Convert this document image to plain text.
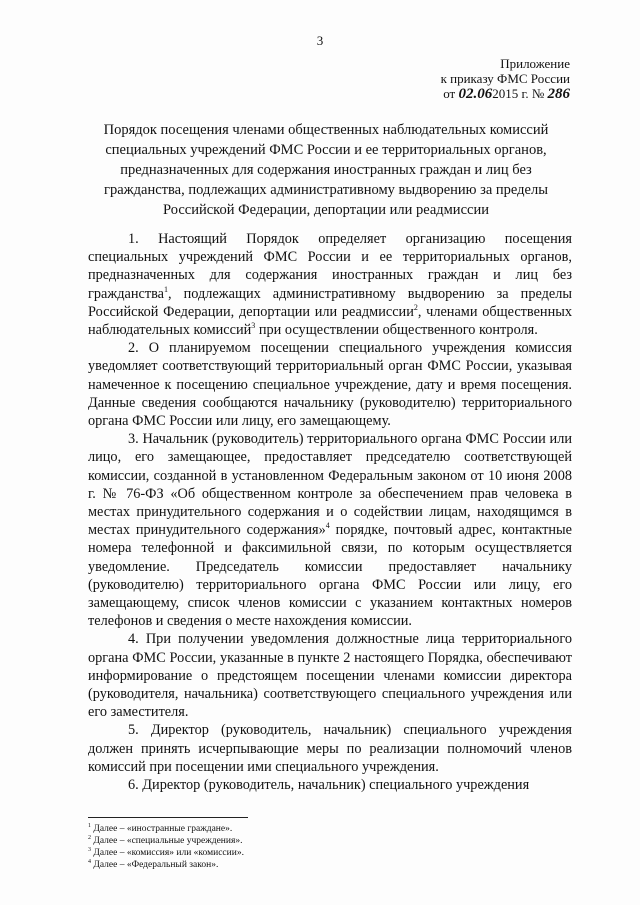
3
Приложение
к приказу ФМС России
от 02.062015 г. № 286
Порядок посещения членами общественных наблюдательных комиссий специальных учреждений ФМС России и ее территориальных органов, предназначенных для содержания иностранных граждан и лиц без гражданства, подлежащих административному выдворению за пределы Российской Федерации, депортации или реадмиссии

1. Настоящий Порядок определяет организацию посещения специальных учреждений ФМС России и ее территориальных органов, предназначенных для содержания иностранных граждан и лиц без гражданства$^1$, подлежащих административному выдворению за пределы Российской Федерации, депортации или реадмиссии$^2$, членами общественных наблюдательных комиссий$^3$ при осуществлении общественного контроля.

2. О планируемом посещении специального учреждения комиссия уведомляет соответствующий территориальный орган ФМС России, указывая намеченное к посещению специальное учреждение, дату и время посещения. Данные сведения сообщаются начальнику (руководителю) территориального органа ФМС России или лицу, его замещающему.

3. Начальник (руководитель) территориального органа ФМС России или лицо, его замещающее, предоставляет председателю соответствующей комиссии, созданной в установленном Федеральным законом от 10 июня 2008 г. № 76-ФЗ «Об общественном контроле за обеспечением прав человека в местах принудительного содержания и о содействии лицам, находящимся в местах принудительного содержания»$^4$ порядке, почтовый адрес, контактные номера телефонной и факсимильной связи, по которым осуществляется уведомление. Председатель комиссии предоставляет начальнику (руководителю) территориального органа ФМС России или лицу, его замещающему, список членов комиссии с указанием контактных номеров телефонов и сведения о месте нахождения комиссии.

4. При получении уведомления должностные лица территориального органа ФМС России, указанные в пункте 2 настоящего Порядка, обеспечивают информирование о предстоящем посещении членами комиссии директора (руководителя, начальника) соответствующего специального учреждения или его заместителя.

5. Директор (руководитель, начальник) специального учреждения должен принять исчерпывающие меры по реализации полномочий членов комиссий при посещении ими специального учреждения.

6. Директор (руководитель, начальник) специального учреждения

$^1$ Далее – «иностранные граждане».
$^2$ Далее – «специальные учреждения».
$^3$ Далее – «комиссия» или «комиссии».
$^4$ Далее – «Федеральный закон».
